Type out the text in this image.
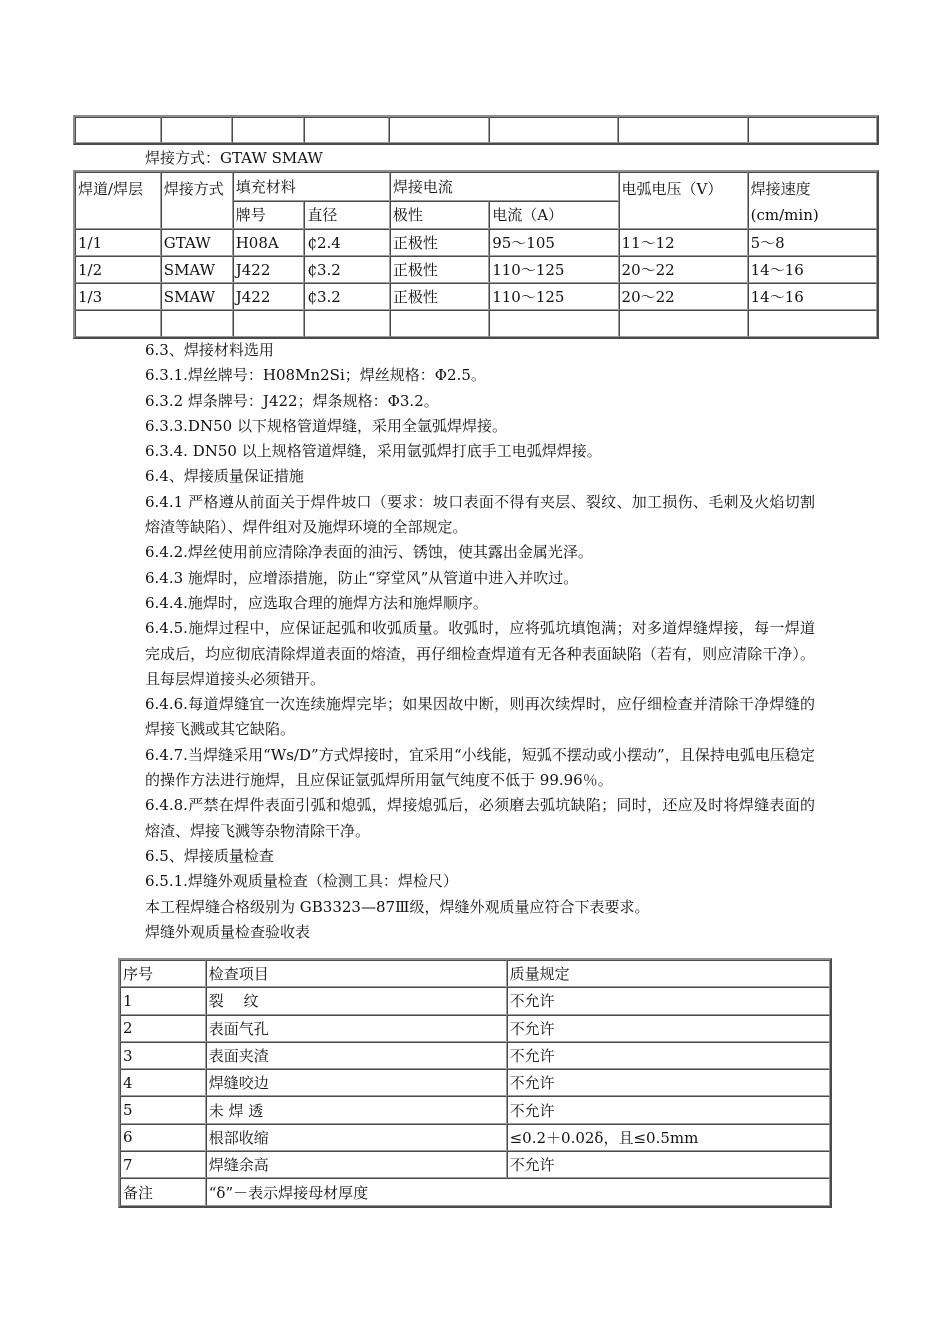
焊接方式：GTAW SMAW
焊道/焊层	焊接方式	填充材料		焊接电流		电弧电压（V）	焊接速度(cm/min)
		牌号	直径	极性	电流（A）		
1/1	GTAW	H08A	₵2.4	正极性	95～105	11～12	5～8
1/2	SMAW	J422	₵3.2	正极性	110～125	20～22	14～16
1/3	SMAW	J422	₵3.2	正极性	110～125	20～22	14～16

6.3、焊接材料选用

6.3.1.焊丝牌号：H08Mn2Si；焊丝规格：Φ2.5。

6.3.2 焊条牌号：J422；焊条规格：Φ3.2。

6.3.3.DN50 以下规格管道焊缝，采用全氩弧焊焊接。

6.3.4. DN50 以上规格管道焊缝，采用氩弧焊打底手工电弧焊焊接。

6.4、焊接质量保证措施

6.4.1 严格遵从前面关于焊件坡口（要求：坡口表面不得有夹层、裂纹、加工损伤、毛刺及火焰切割熔渣等缺陷）、焊件组对及施焊环境的全部规定。

6.4.2.焊丝使用前应清除净表面的油污、锈蚀，使其露出金属光泽。

6.4.3 施焊时，应增添措施，防止“穿堂风”从管道中进入并吹过。

6.4.4.施焊时，应选取合理的施焊方法和施焊顺序。

6.4.5.施焊过程中，应保证起弧和收弧质量。收弧时，应将弧坑填饱满；对多道焊缝焊接，每一焊道完成后，均应彻底清除焊道表面的熔渣，再仔细检查焊道有无各种表面缺陷（若有，则应清除干净）。且每层焊道接头必须错开。

6.4.6.每道焊缝宜一次连续施焊完毕；如果因故中断，则再次续焊时，应仔细检查并清除干净焊缝的焊接飞溅或其它缺陷。

6.4.7.当焊缝采用“Ws/D”方式焊接时，宜采用“小线能，短弧不摆动或小摆动”，且保持电弧电压稳定的操作方法进行施焊，且应保证氩弧焊所用氩气纯度不低于 99.96％。

6.4.8.严禁在焊件表面引弧和熄弧，焊接熄弧后，必须磨去弧坑缺陷；同时，还应及时将焊缝表面的熔渣、焊接飞溅等杂物清除干净。

6.5、焊接质量检查

6.5.1.焊缝外观质量检查（检测工具：焊检尺）

本工程焊缝合格级别为 GB3323—87Ⅲ级，焊缝外观质量应符合下表要求。

焊缝外观质量检查验收表

序号	检查项目	质量规定
1	裂　 纹	不允许
2	表面气孔	不允许
3	表面夹渣	不允许
4	焊缝咬边	不允许
5	未 焊 透	不允许
6	根部收缩	≤0.2＋0.02δ，且≤0.5mm
7	焊缝余高	不允许
备注	“δ”－表示焊接母材厚度	
